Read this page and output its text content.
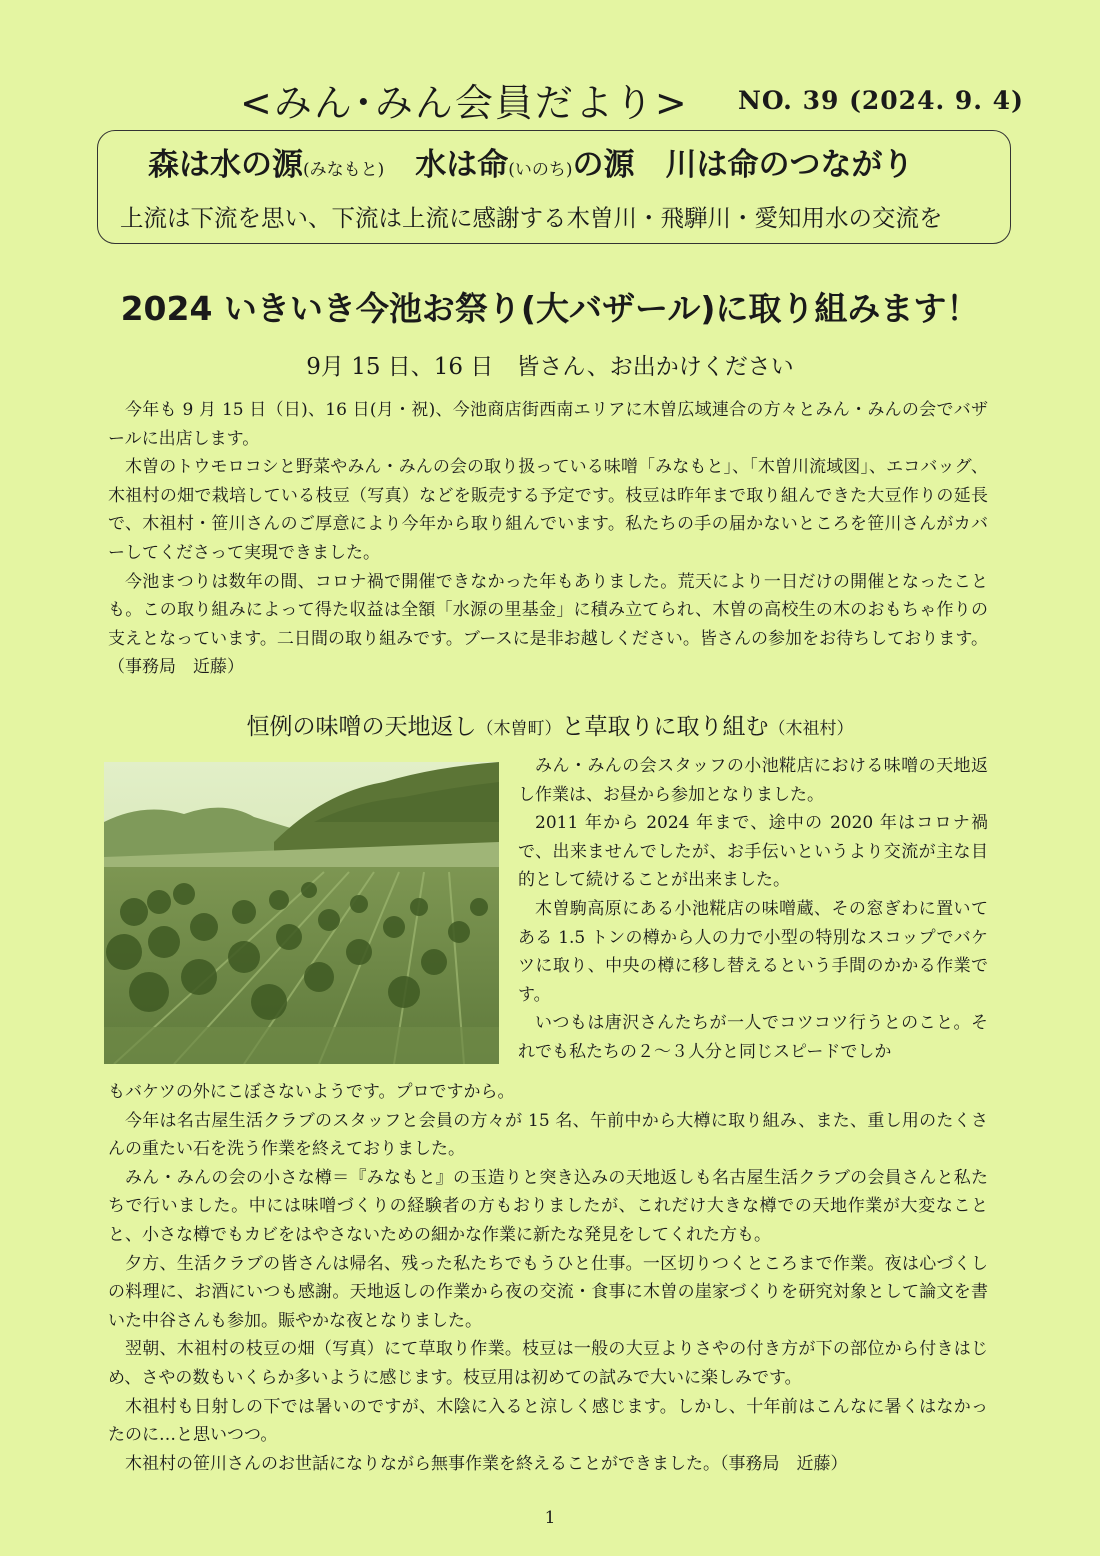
<みん･みん会員だより> NO. 39 (2024. 9. 4)
森は水の源(みなもと)　水は命(いのち)の源　川は命のつながり
上流は下流を思い、下流は上流に感謝する木曽川・飛騨川・愛知用水の交流を
2024 いきいき今池お祭り(大バザール)に取り組みます！
9月 15 日、16 日　皆さん、お出かけください

今年も 9 月 15 日（日)、16 日(月・祝)、今池商店街西南エリアに木曽広域連合の方々とみん・みんの会でバザールに出店します。

木曽のトウモロコシと野菜やみん・みんの会の取り扱っている味噌「みなもと」、「木曽川流域図」、エコバッグ、木祖村の畑で栽培している枝豆（写真）などを販売する予定です。枝豆は昨年まで取り組んできた大豆作りの延長で、木祖村・笹川さんのご厚意により今年から取り組んでいます。私たちの手の届かないところを笹川さんがカバーしてくださって実現できました。

今池まつりは数年の間、コロナ禍で開催できなかった年もありました。荒天により一日だけの開催となったことも。この取り組みによって得た収益は全額「水源の里基金」に積み立てられ、木曽の高校生の木のおもちゃ作りの支えとなっています。二日間の取り組みです。ブースに是非お越しください。皆さんの参加をお待ちしております。（事務局　近藤）

恒例の味噌の天地返し（木曽町）と草取りに取り組む（木祖村）

みん・みんの会スタッフの小池糀店における味噌の天地返し作業は、お昼から参加となりました。

2011 年から 2024 年まで、途中の 2020 年はコロナ禍で、出来ませんでしたが、お手伝いというより交流が主な目的として続けることが出来ました。

木曽駒高原にある小池糀店の味噌蔵、その窓ぎわに置いてある 1.5 トンの樽から人の力で小型の特別なスコップでバケツに取り、中央の樽に移し替えるという手間のかかる作業です。

いつもは唐沢さんたちが一人でコツコツ行うとのこと。それでも私たちの２～３人分と同じスピードでしか

もバケツの外にこぼさないようです。プロですから。

今年は名古屋生活クラブのスタッフと会員の方々が 15 名、午前中から大樽に取り組み、また、重し用のたくさんの重たい石を洗う作業を終えておりました。

みん・みんの会の小さな樽＝『みなもと』の玉造りと突き込みの天地返しも名古屋生活クラブの会員さんと私たちで行いました。中には味噌づくりの経験者の方もおりましたが、これだけ大きな樽での天地作業が大変なことと、小さな樽でもカビをはやさないための細かな作業に新たな発見をしてくれた方も。

夕方、生活クラブの皆さんは帰名、残った私たちでもうひと仕事。一区切りつくところまで作業。夜は心づくしの料理に、お酒にいつも感謝。天地返しの作業から夜の交流・食事に木曽の崖家づくりを研究対象として論文を書いた中谷さんも参加。賑やかな夜となりました。

翌朝、木祖村の枝豆の畑（写真）にて草取り作業。枝豆は一般の大豆よりさやの付き方が下の部位から付きはじめ、さやの数もいくらか多いように感じます。枝豆用は初めての試みで大いに楽しみです。

木祖村も日射しの下では暑いのですが、木陰に入ると涼しく感じます。しかし、十年前はこんなに暑くはなかったのに…と思いつつ。

木祖村の笹川さんのお世話になりながら無事作業を終えることができました。（事務局　近藤）

1
